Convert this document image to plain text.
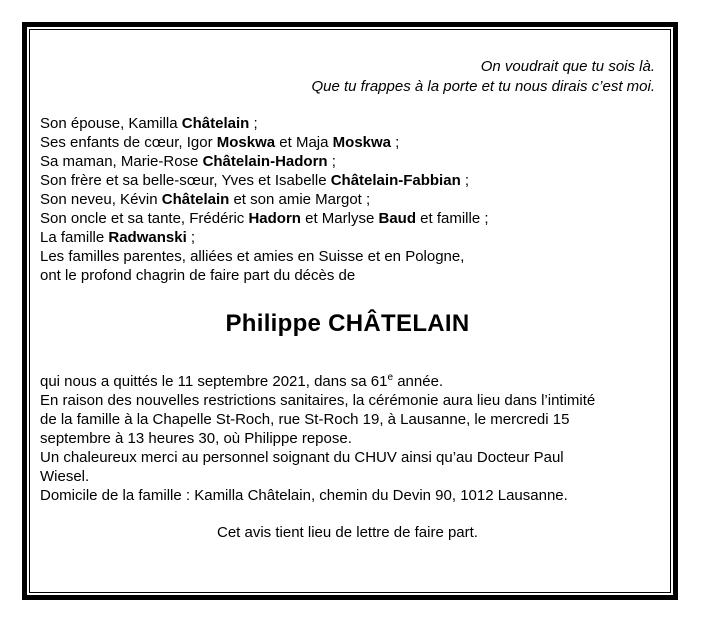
On voudrait que tu sois là.
Que tu frappes à la porte et tu nous dirais c’est moi.
Son épouse, Kamilla Châtelain ;
Ses enfants de cœur, Igor Moskwa et Maja Moskwa ;
Sa maman, Marie-Rose Châtelain-Hadorn ;
Son frère et sa belle-sœur, Yves et Isabelle Châtelain-Fabbian ;
Son neveu, Kévin Châtelain et son amie Margot ;
Son oncle et sa tante, Frédéric Hadorn et Marlyse Baud et famille ;
La famille Radwanski ;
Les familles parentes, alliées et amies en Suisse et en Pologne,
ont le profond chagrin de faire part du décès de
Philippe CHÂTELAIN
qui nous a quittés le 11 septembre 2021, dans sa 61e année.
En raison des nouvelles restrictions sanitaires, la cérémonie aura lieu dans l’intimité
de la famille à la Chapelle St-Roch, rue St-Roch 19, à Lausanne, le mercredi 15
septembre à 13 heures 30, où Philippe repose.
Un chaleureux merci au personnel soignant du CHUV ainsi qu’au Docteur Paul
Wiesel.
Domicile de la famille : Kamilla Châtelain, chemin du Devin 90, 1012 Lausanne.
Cet avis tient lieu de lettre de faire part.
